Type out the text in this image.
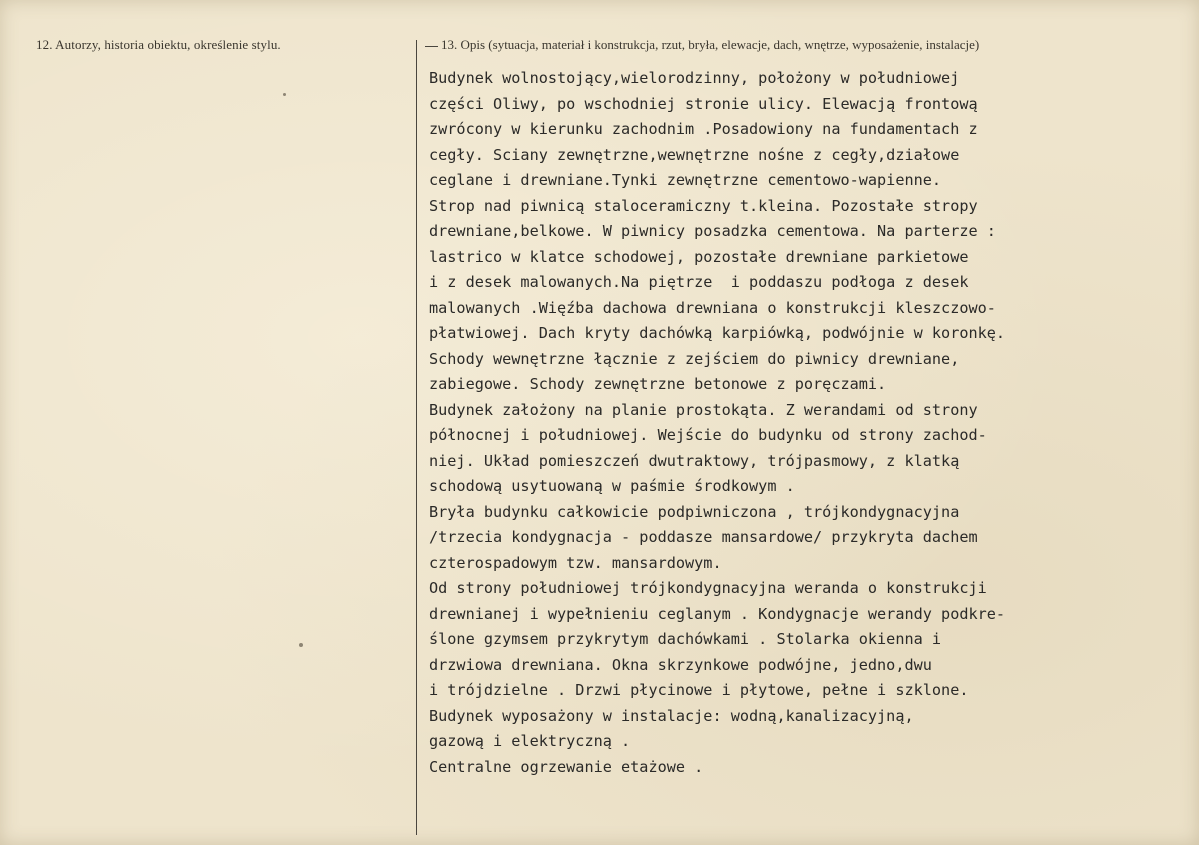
12. Autorzy, historia obiektu, określenie stylu.	13. Opis (sytuacja, materiał i konstrukcja, rzut, bryła, elewacje, dach, wnętrze, wyposażenie, instalacje)
Budynek wolnostojący,wielorodzinny, położony w południowej
części Oliwy, po wschodniej stronie ulicy. Elewacją frontową
zwrócony w kierunku zachodnim .Posadowiony na fundamentach z
cegły. Sciany zewnętrzne,wewnętrzne nośne z cegły,działowe
ceglane i drewniane.Tynki zewnętrzne cementowo-wapienne.
Strop nad piwnicą staloceramiczny t.kleina. Pozostałe stropy
drewniane,belkowe. W piwnicy posadzka cementowa. Na parterze :
lastrico w klatce schodowej, pozostałe drewniane parkietowe
i z desek malowanych.Na piętrze  i poddaszu podłoga z desek
malowanych .Więźba dachowa drewniana o konstrukcji kleszczowo-
płatwiowej. Dach kryty dachówką karpiówką, podwójnie w koronkę.
Schody wewnętrzne łącznie z zejściem do piwnicy drewniane,
zabiegowe. Schody zewnętrzne betonowe z poręczami.
Budynek założony na planie prostokąta. Z werandami od strony
północnej i południowej. Wejście do budynku od strony zachod-
niej. Układ pomieszczeń dwutraktowy, trójpasmowy, z klatką
schodową usytuowaną w paśmie środkowym .
Bryła budynku całkowicie podpiwniczona , trójkondygnacyjna
/trzecia kondygnacja - poddasze mansardowe/ przykryta dachem
czterospadowym tzw. mansardowym.
Od strony południowej trójkondygnacyjna weranda o konstrukcji
drewnianej i wypełnieniu ceglanym . Kondygnacje werandy podkre-
ślone gzymsem przykrytym dachówkami . Stolarka okienna i
drzwiowa drewniana. Okna skrzynkowe podwójne, jedno,dwu
i trójdzielne . Drzwi płycinowe i płytowe, pełne i szklone.
Budynek wyposażony w instalacje: wodną,kanalizacyjną,
gazową i elektryczną .
Centralne ogrzewanie etażowe .
